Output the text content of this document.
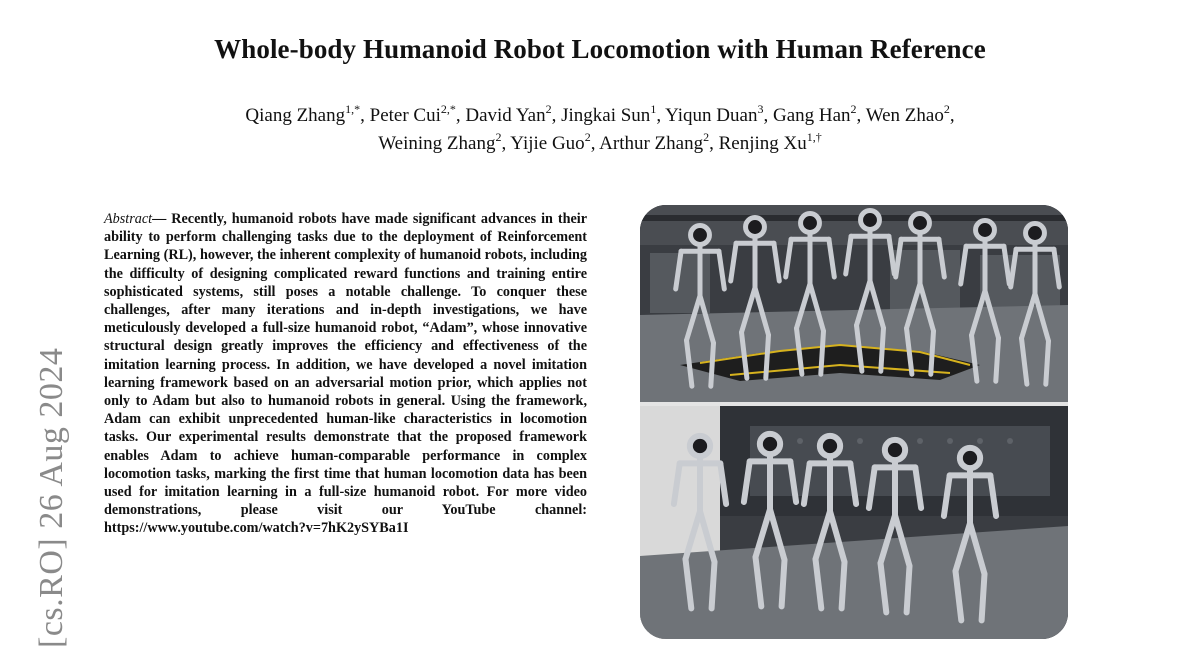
Whole-body Humanoid Robot Locomotion with Human Reference
Qiang Zhang$^{1,*}$, Peter Cui$^{2,*}$, David Yan$^2$, Jingkai Sun$^1$, Yiqun Duan$^3$, Gang Han$^2$, Wen Zhao$^2$,
Weining Zhang$^2$, Yijie Guo$^2$, Arthur Zhang$^2$, Renjing $Xu^{1,\dagger}$
[cs.RO] 26 Aug 2024
Abstract— Recently, humanoid robots have made significant advances in their ability to perform challenging tasks due to the deployment of Reinforcement Learning (RL), however, the inherent complexity of humanoid robots, including the difficulty of designing complicated reward functions and training entire sophisticated systems, still poses a notable challenge. To conquer these challenges, after many iterations and in-depth investigations, we have meticulously developed a full-size humanoid robot, “Adam”, whose innovative structural design greatly improves the efficiency and effectiveness of the imitation learning process. In addition, we have developed a novel imitation learning framework based on an adversarial motion prior, which applies not only to Adam but also to humanoid robots in general. Using the framework, Adam can exhibit unprecedented human-like characteristics in locomotion tasks. Our experimental results demonstrate that the proposed framework enables Adam to achieve human-comparable performance in complex locomotion tasks, marking the first time that human locomotion data has been used for imitation learning in a full-size humanoid robot. For more video demonstrations, please visit our YouTube channel: https://www.youtube.com/watch?v=7hK2ySYBa1I
